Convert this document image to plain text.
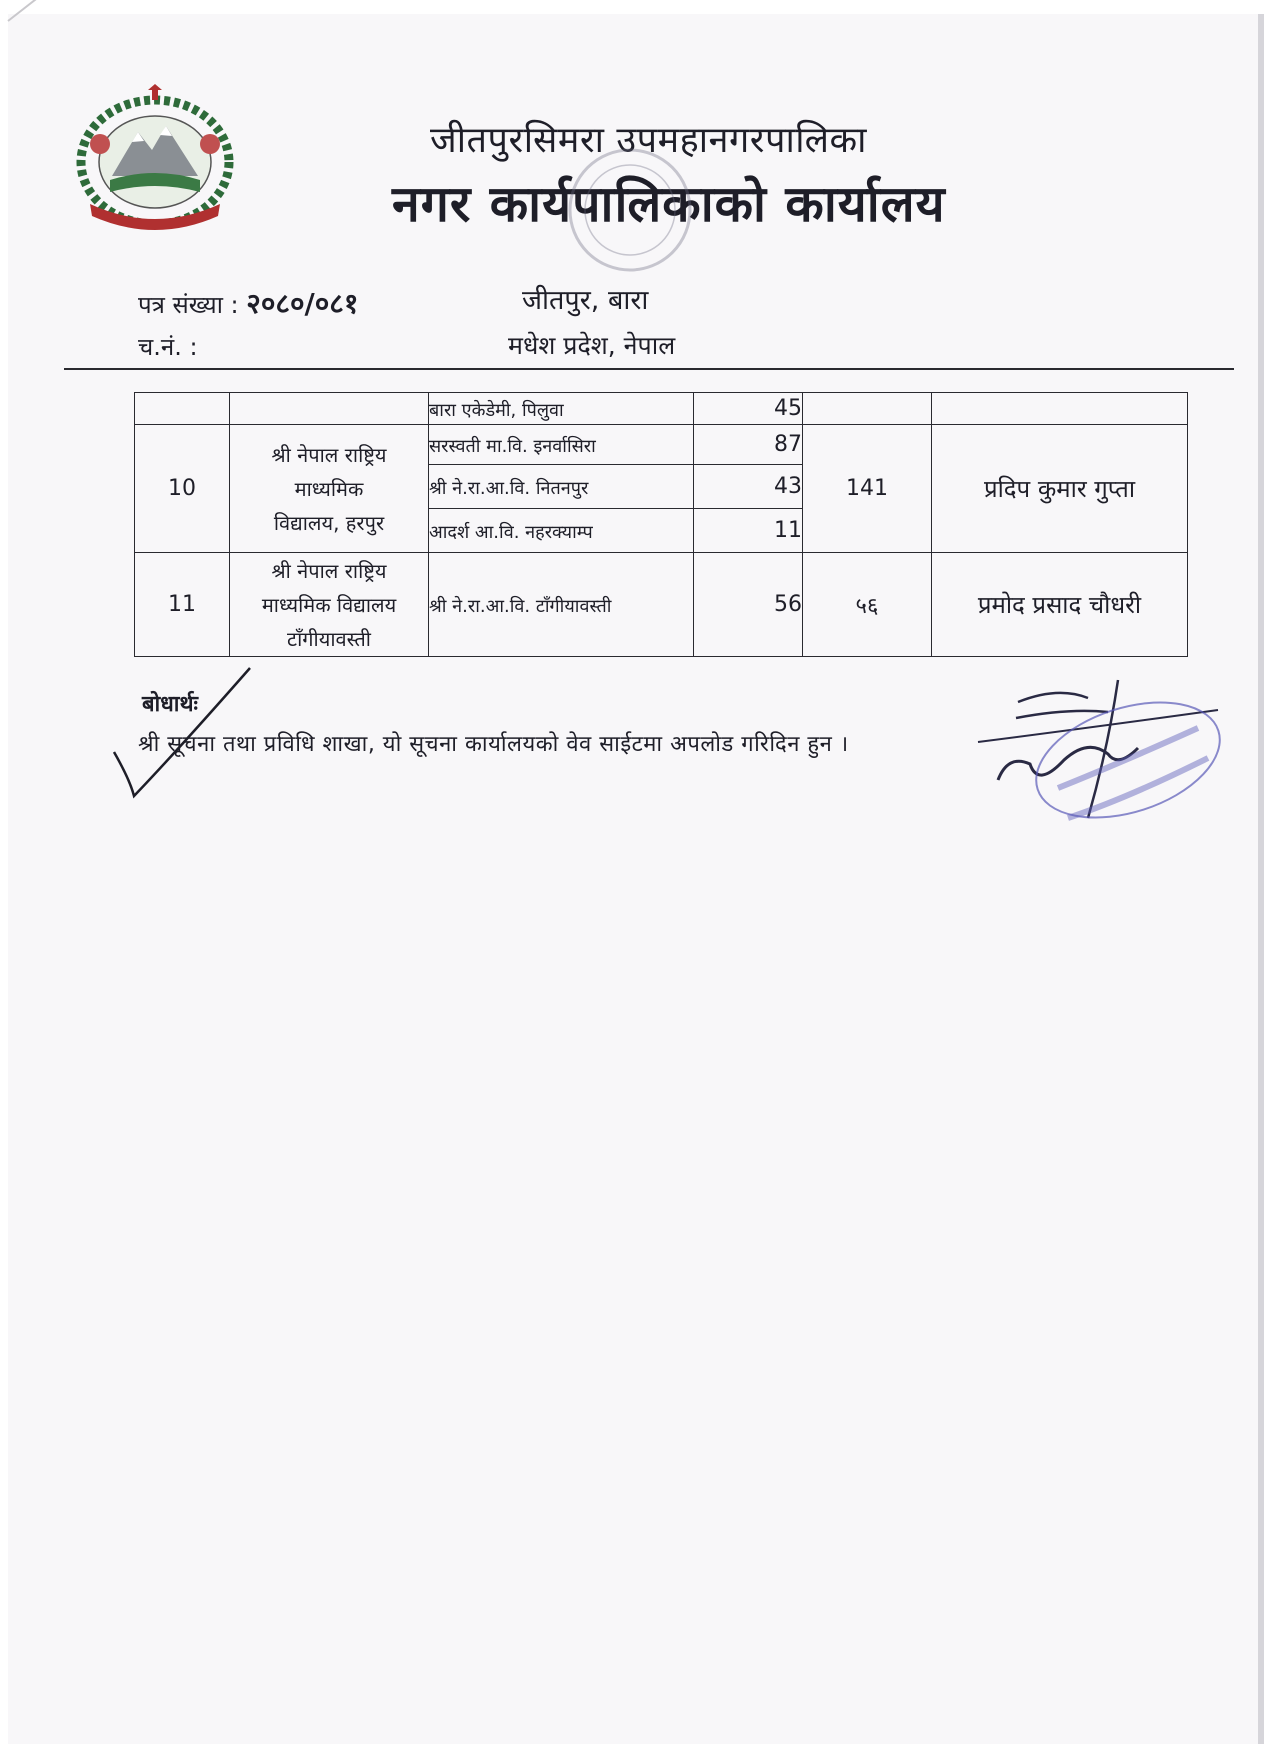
जीतपुरसिमरा उपमहानगरपालिका
नगर कार्यपालिकाको कार्यालय
पत्र संख्या : २०८०/०८१
च.नं. :
जीतपुर, बारा
मधेश प्रदेश, नेपाल

		बारा एकेडेमी, पिलुवा	45		
10	श्री नेपाल राष्ट्रिय
माध्यमिक
विद्यालय, हरपुर	सरस्वती मा.वि. इनर्वासिरा	87	141	प्रदिप कुमार गुप्ता

		श्री ने.रा.आ.वि. नितनपुर	43		

		आदर्श आ.वि. नहरक्याम्प	11		
11	श्री नेपाल राष्ट्रिय
माध्यमिक विद्यालय
टाँगीयावस्ती	श्री ने.रा.आ.वि. टाँगीयावस्ती	56	५६	प्रमोद प्रसाद चौधरी
बोधार्थः
श्री सूचना तथा प्रविधि शाखा, यो सूचना कार्यालयको वेव साईटमा अपलोड गरिदिन हुन ।
